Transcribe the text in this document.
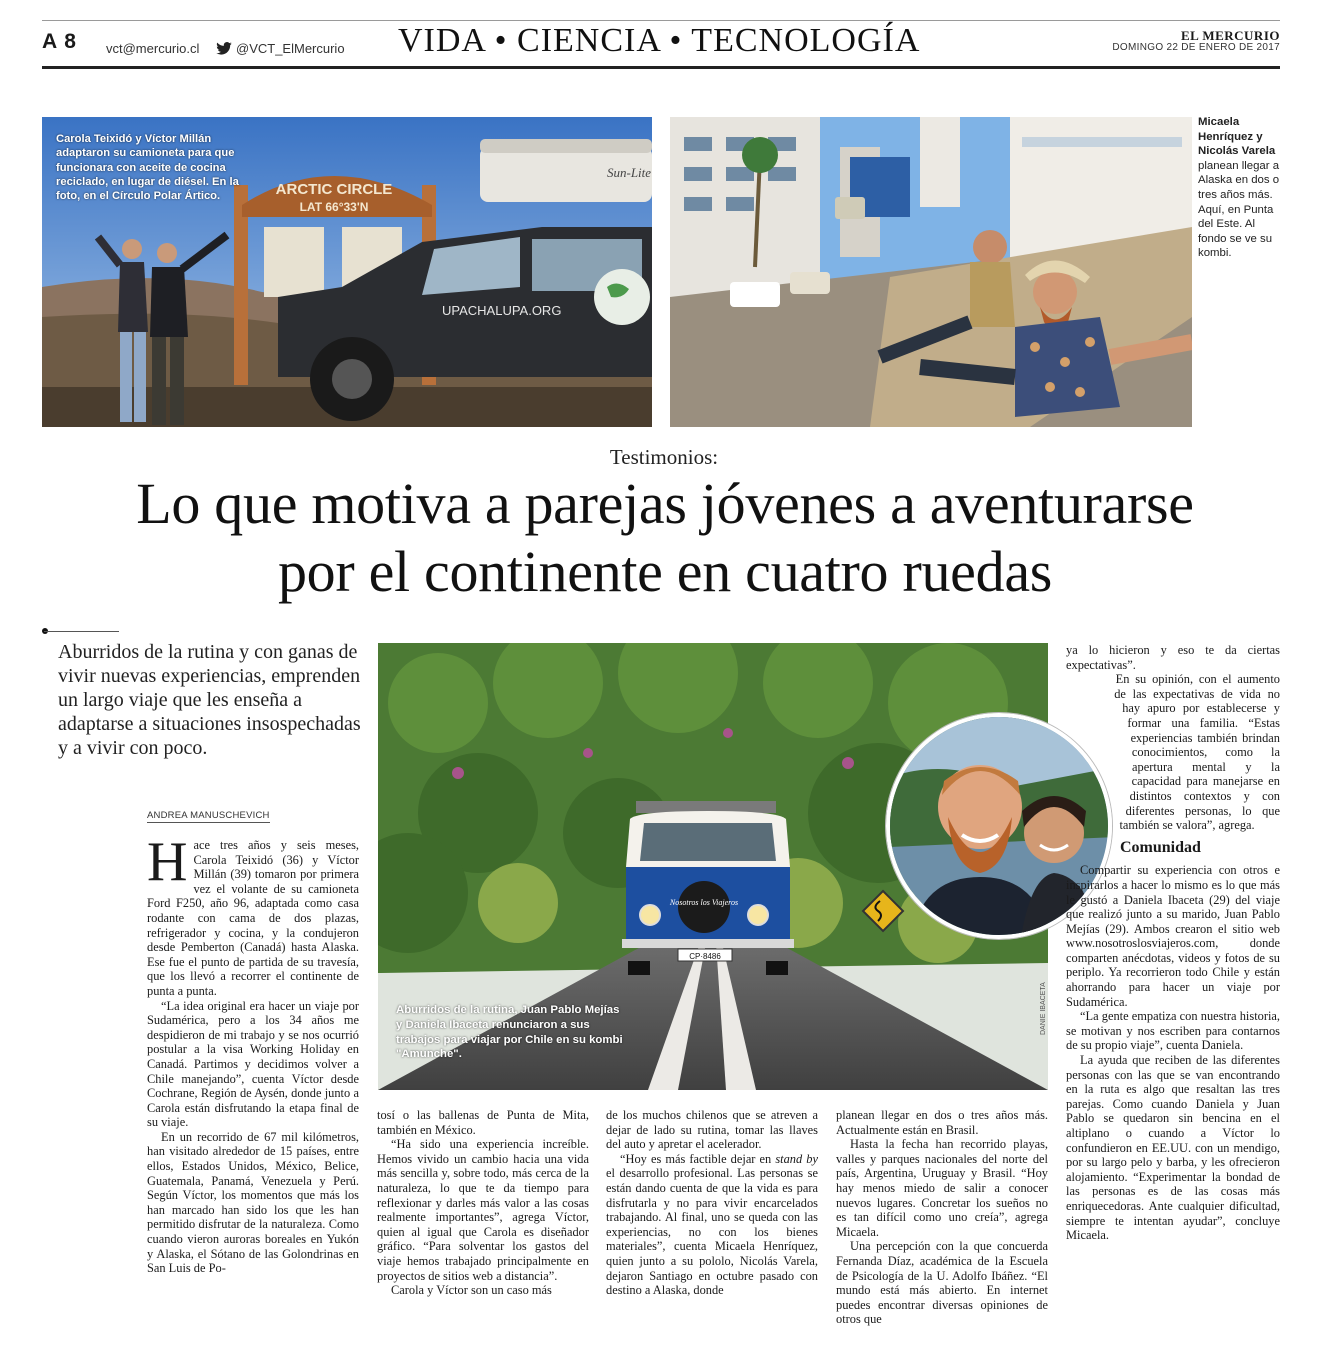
A 8 vct@mercurio.cl	@VCT_ElMercurio VIDA • CIENCIA • TECNOLOGÍA	EL MERCURIO
DOMINGO 22 DE ENERO DE 2017
ARCTIC CIRCLE
LAT 66°33'N
Sun-Lite
UPACHALUPA.ORG
Carola Teixidó y Víctor Millán adaptaron su camioneta para que funcionara con aceite de cocina reciclado, en lugar de diésel. En la foto, en el Círculo Polar Ártico.
Micaela Henríquez y Nicolás Varela planean llegar a Alaska en dos o tres años más. Aquí, en Punta del Este. Al fondo se ve su kombi.
Testimonios:
Lo que motiva a parejas jóvenes a aventurarse
por el continente en cuatro ruedas
Aburridos de la rutina y con ganas de vivir nuevas experiencias, emprenden un largo viaje que les enseña a adaptarse a situaciones insospechadas y a vivir con poco.
ANDREA MANUSCHEVICH
Nosotros los Viajeros
CP·8486
Aburridos de la rutina, Juan Pablo Mejías y Daniela Ibaceta renunciaron a sus trabajos para viajar por Chile en su kombi "Amunche".
DANIE IBACETA

Hace tres años y seis meses, Carola Teixidó (36) y Víctor Millán (39) tomaron por primera vez el volante de su camioneta Ford F250, año 96, adaptada como casa rodante con cama de dos plazas, refrigerador y cocina, y la condujeron desde Pemberton (Canadá) hasta Alaska. Ese fue el punto de partida de su travesía, que los llevó a recorrer el continente de punta a punta.

“La idea original era hacer un viaje por Sudamérica, pero a los 34 años me despidieron de mi trabajo y se nos ocurrió postular a la visa Working Holiday en Canadá. Partimos y decidimos volver a Chile manejando”, cuenta Víctor desde Cochrane, Región de Aysén, donde junto a Carola están disfrutando la etapa final de su viaje.

En un recorrido de 67 mil kilómetros, han visitado alrededor de 15 países, entre ellos, Estados Unidos, México, Belice, Guatemala, Panamá, Venezuela y Perú. Según Víctor, los momentos que más los han marcado han sido los que les han permitido disfrutar de la naturaleza. Como cuando vieron auroras boreales en Yukón y Alaska, el Sótano de las Golondrinas en San Luis de Po-

tosí o las ballenas de Punta de Mita, también en México.

“Ha sido una experiencia increíble. Hemos vivido un cambio hacia una vida más sencilla y, sobre todo, más cerca de la naturaleza, lo que te da tiempo para reflexionar y darles más valor a las cosas realmente importantes”, agrega Víctor, quien al igual que Carola es diseñador gráfico. “Para solventar los gastos del viaje hemos trabajado principalmente en proyectos de sitios web a distancia”.

Carola y Víctor son un caso más

de los muchos chilenos que se atreven a dejar de lado su rutina, tomar las llaves del auto y apretar el acelerador.

“Hoy es más factible dejar en stand by el desarrollo profesional. Las personas se están dando cuenta de que la vida es para disfrutarla y no para vivir encarcelados trabajando. Al final, uno se queda con las experiencias, no con los bienes materiales”, cuenta Micaela Henríquez, quien junto a su pololo, Nicolás Varela, dejaron Santiago en octubre pasado con destino a Alaska, donde

planean llegar en dos o tres años más. Actualmente están en Brasil.

Hasta la fecha han recorrido playas, valles y parques nacionales del norte del país, Argentina, Uruguay y Brasil. “Hoy hay menos miedo de salir a conocer nuevos lugares. Concretar los sueños no es tan difícil como uno creía”, agrega Micaela.

Una percepción con la que concuerda Fernanda Díaz, académica de la Escuela de Psicología de la U. Adolfo Ibáñez. “El mundo está más abierto. En internet puedes encontrar diversas opiniones de otros que

ya lo hicieron y eso te da ciertas expectativas”.

En su opinión, con el aumento de las expectativas de vida no hay apuro por establecerse y formar una familia. “Estas experiencias también brindan conocimientos, como la apertura mental y la capacidad para manejarse en distintos contextos y con diferentes personas, lo que también se valora”, agrega.

Comunidad

Compartir su experiencia con otros e inspirarlos a hacer lo mismo es lo que más le gustó a Daniela Ibaceta (29) del viaje que realizó junto a su marido, Juan Pablo Mejías (29). Ambos crearon el sitio web www.nosotroslosviajeros.com, donde comparten anécdotas, videos y fotos de su periplo. Ya recorrieron todo Chile y están ahorrando para hacer un viaje por Sudamérica.

“La gente empatiza con nuestra historia, se motivan y nos escriben para contarnos de su propio viaje”, cuenta Daniela.

La ayuda que reciben de las diferentes personas con las que se van encontrando en la ruta es algo que resaltan las tres parejas. Como cuando Daniela y Juan Pablo se quedaron sin bencina en el altiplano o cuando a Víctor lo confundieron en EE.UU. con un mendigo, por su largo pelo y barba, y les ofrecieron alojamiento. “Experimentar la bondad de las personas es de las cosas más enriquecedoras. Ante cualquier dificultad, siempre te intentan ayudar”, concluye Micaela.
